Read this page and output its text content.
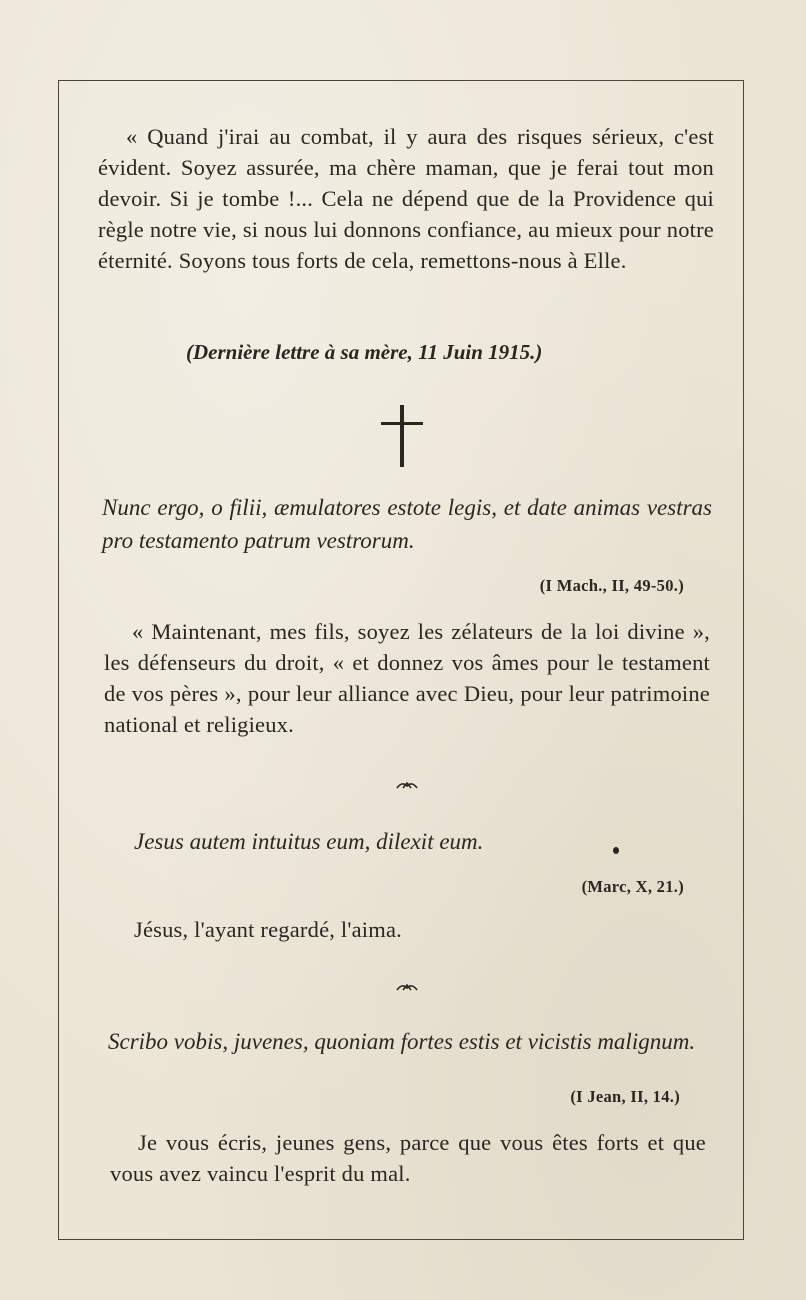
« Quand j'irai au combat, il y aura des risques sérieux, c'est évident. Soyez assurée, ma chère maman, que je ferai tout mon devoir. Si je tombe !... Cela ne dépend que de la Providence qui règle notre vie, si nous lui donnons confiance, au mieux pour notre éternité. Soyons tous forts de cela, remettons-nous à Elle.
(Dernière lettre à sa mère, 11 Juin 1915.)
Nunc ergo, o filii, æmulatores estote legis, et date animas vestras pro testamento patrum vestrorum.
(I Mach., II, 49-50.)
« Maintenant, mes fils, soyez les zélateurs de la loi divine », les défenseurs du droit, « et donnez vos âmes pour le testament de vos pères », pour leur alliance avec Dieu, pour leur patrimoine national et religieux.
Jesus autem intuitus eum, dilexit eum.
(Marc, X, 21.)
Jésus, l'ayant regardé, l'aima.
Scribo vobis, juvenes, quoniam fortes estis et vicistis malignum.
(I Jean, II, 14.)
Je vous écris, jeunes gens, parce que vous êtes forts et que vous avez vaincu l'esprit du mal.
